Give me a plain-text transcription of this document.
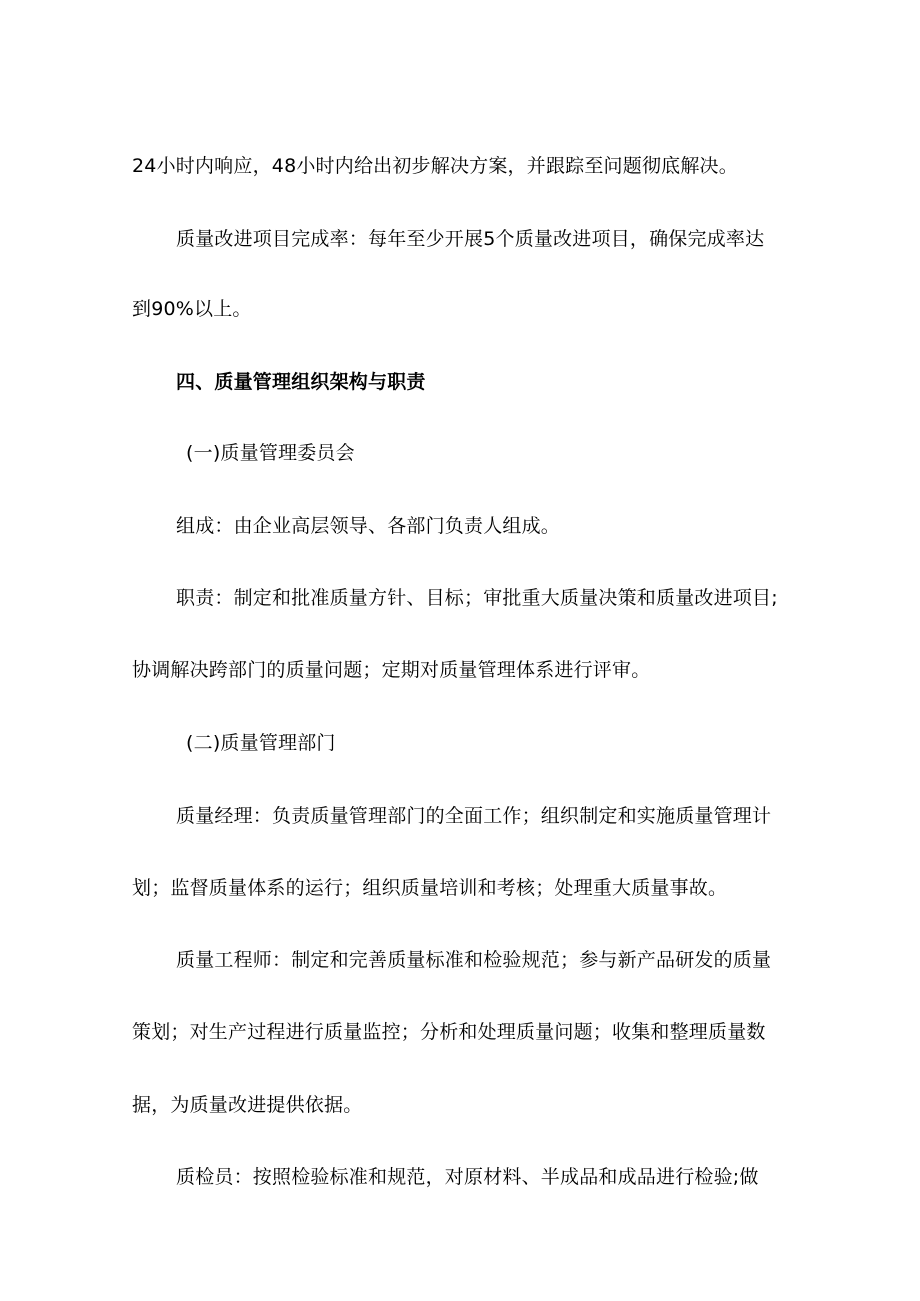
24小时内响应，48小时内给出初步解决方案，并跟踪至问题彻底解决。
质量改进项目完成率：每年至少开展5个质量改进项目，确保完成率达
到90%以上。
四、质量管理组织架构与职责
(一)质量管理委员会
组成：由企业高层领导、各部门负责人组成。
职责：制定和批准质量方针、目标；审批重大质量决策和质量改进项目;
协调解决跨部门的质量问题；定期对质量管理体系进行评审。
(二)质量管理部门
质量经理：负责质量管理部门的全面工作；组织制定和实施质量管理计
划；监督质量体系的运行；组织质量培训和考核；处理重大质量事故。
质量工程师：制定和完善质量标准和检验规范；参与新产品研发的质量
策划；对生产过程进行质量监控；分析和处理质量问题；收集和整理质量数
据，为质量改进提供依据。
质检员：按照检验标准和规范，对原材料、半成品和成品进行检验;做
